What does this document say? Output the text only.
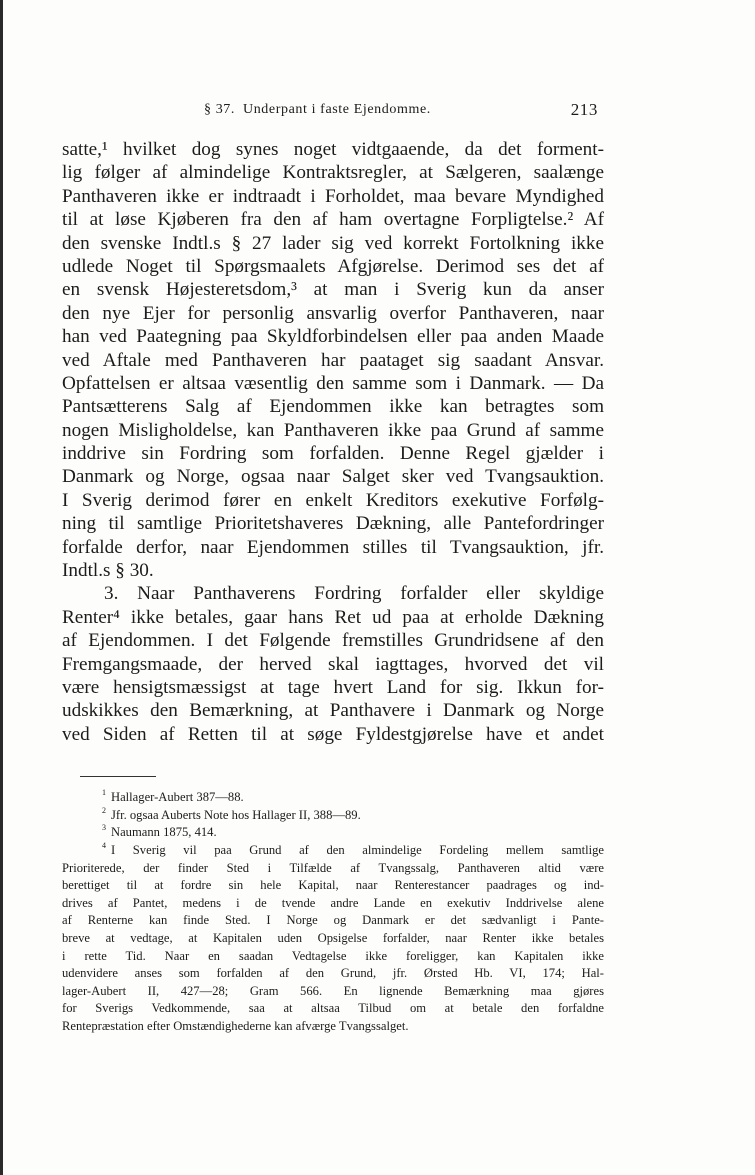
§ 37. Underpant i faste Ejendomme.	213
satte,¹ hvilket dog synes noget vidtgaaende, da det forment-
lig følger af almindelige Kontraktsregler, at Sælgeren, saalænge
Panthaveren ikke er indtraadt i Forholdet, maa bevare Myndighed
til at løse Kjøberen fra den af ham overtagne Forpligtelse.² Af
den svenske Indtl.s § 27 lader sig ved korrekt Fortolkning ikke
udlede Noget til Spørgsmaalets Afgjørelse. Derimod ses det af
en svensk Højesteretsdom,³ at man i Sverig kun da anser
den nye Ejer for personlig ansvarlig overfor Panthaveren, naar
han ved Paategning paa Skyldforbindelsen eller paa anden Maade
ved Aftale med Panthaveren har paataget sig saadant Ansvar.
Opfattelsen er altsaa væsentlig den samme som i Danmark. — Da
Pantsætterens Salg af Ejendommen ikke kan betragtes som
nogen Misligholdelse, kan Panthaveren ikke paa Grund af samme
inddrive sin Fordring som forfalden. Denne Regel gjælder i
Danmark og Norge, ogsaa naar Salget sker ved Tvangsauktion.
I Sverig derimod fører en enkelt Kreditors exekutive Forfølg-
ning til samtlige Prioritetshaveres Dækning, alle Pantefordringer
forfalde derfor, naar Ejendommen stilles til Tvangsauktion, jfr.
Indtl.s § 30.
3. Naar Panthaverens Fordring forfalder eller skyldige
Renter⁴ ikke betales, gaar hans Ret ud paa at erholde Dækning
af Ejendommen. I det Følgende fremstilles Grundridsene af den
Fremgangsmaade, der herved skal iagttages, hvorved det vil
være hensigtsmæssigst at tage hvert Land for sig. Ikkun for-
udskikkes den Bemærkning, at Panthavere i Danmark og Norge
ved Siden af Retten til at søge Fyldestgjørelse have et andet
$^1$ Hallager-Aubert 387—88.
$^2$ Jfr. ogsaa Auberts Note hos Hallager II, 388—89.
$^3$ Naumann 1875, 414.
$^4$ I Sverig vil paa Grund af den almindelige Fordeling mellem samtlige
Prioriterede, der finder Sted i Tilfælde af Tvangssalg, Panthaveren altid være
berettiget til at fordre sin hele Kapital, naar Renterestancer paadrages og ind-
drives af Pantet, medens i de tvende andre Lande en exekutiv Inddrivelse alene
af Renterne kan finde Sted. I Norge og Danmark er det sædvanligt i Pante-
breve at vedtage, at Kapitalen uden Opsigelse forfalder, naar Renter ikke betales
i rette Tid. Naar en saadan Vedtagelse ikke foreligger, kan Kapitalen ikke
udenvidere anses som forfalden af den Grund, jfr. Ørsted Hb. VI, 174; Hal-
lager-Aubert II, 427—28; Gram 566. En lignende Bemærkning maa gjøres
for Sverigs Vedkommende, saa at altsaa Tilbud om at betale den forfaldne
Rentepræstation efter Omstændighederne kan afværge Tvangssalget.
